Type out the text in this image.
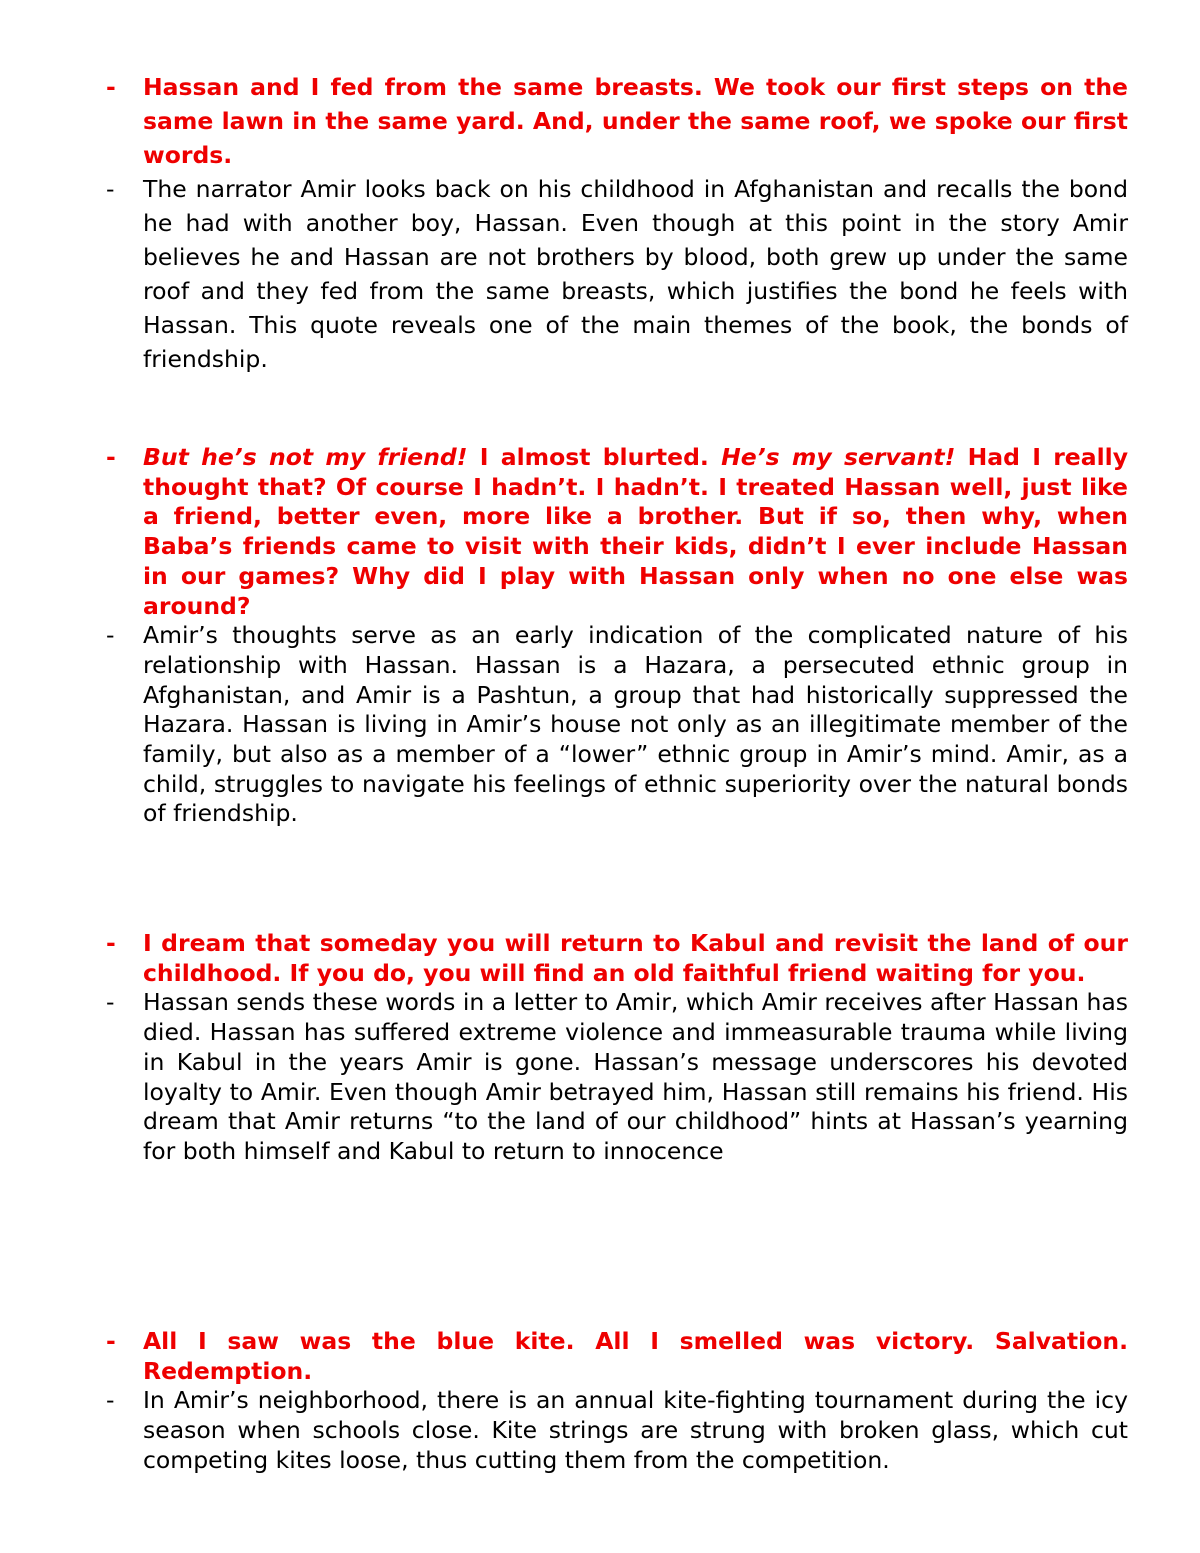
- Hassan and I fed from the same breasts. We took our first steps on the same lawn in the same yard. And, under the same roof, we spoke our first words.
- The narrator Amir looks back on his childhood in Afghanistan and recalls the bond he had with another boy, Hassan. Even though at this point in the story Amir believes he and Hassan are not brothers by blood, both grew up under the same roof and they fed from the same breasts, which justifies the bond he feels with Hassan. This quote reveals one of the main themes of the book, the bonds of friendship.
- But he’s not my friend! I almost blurted. He’s my servant! Had I really thought that? Of course I hadn’t. I hadn’t. I treated Hassan well, just like a friend, better even, more like a brother. But if so, then why, when Baba’s friends came to visit with their kids, didn’t I ever include Hassan in our games? Why did I play with Hassan only when no one else was around?
- Amir’s thoughts serve as an early indication of the complicated nature of his relationship with Hassan. Hassan is a Hazara, a persecuted ethnic group in Afghanistan, and Amir is a Pashtun, a group that had historically suppressed the Hazara. Hassan is living in Amir’s house not only as an illegitimate member of the family, but also as a member of a “lower” ethnic group in Amir’s mind. Amir, as a child, struggles to navigate his feelings of ethnic superiority over the natural bonds of friendship.
- I dream that someday you will return to Kabul and revisit the land of our childhood. If you do, you will find an old faithful friend waiting for you.
- Hassan sends these words in a letter to Amir, which Amir receives after Hassan has died. Hassan has suffered extreme violence and immeasurable trauma while living in Kabul in the years Amir is gone. Hassan’s message underscores his devoted loyalty to Amir. Even though Amir betrayed him, Hassan still remains his friend. His dream that Amir returns “to the land of our childhood” hints at Hassan’s yearning for both himself and Kabul to return to innocence
- All I saw was the blue kite. All I smelled was victory. Salvation. Redemption.
- In Amir’s neighborhood, there is an annual kite-fighting tournament during the icy season when schools close. Kite strings are strung with broken glass, which cut competing kites loose, thus cutting them from the competition.
